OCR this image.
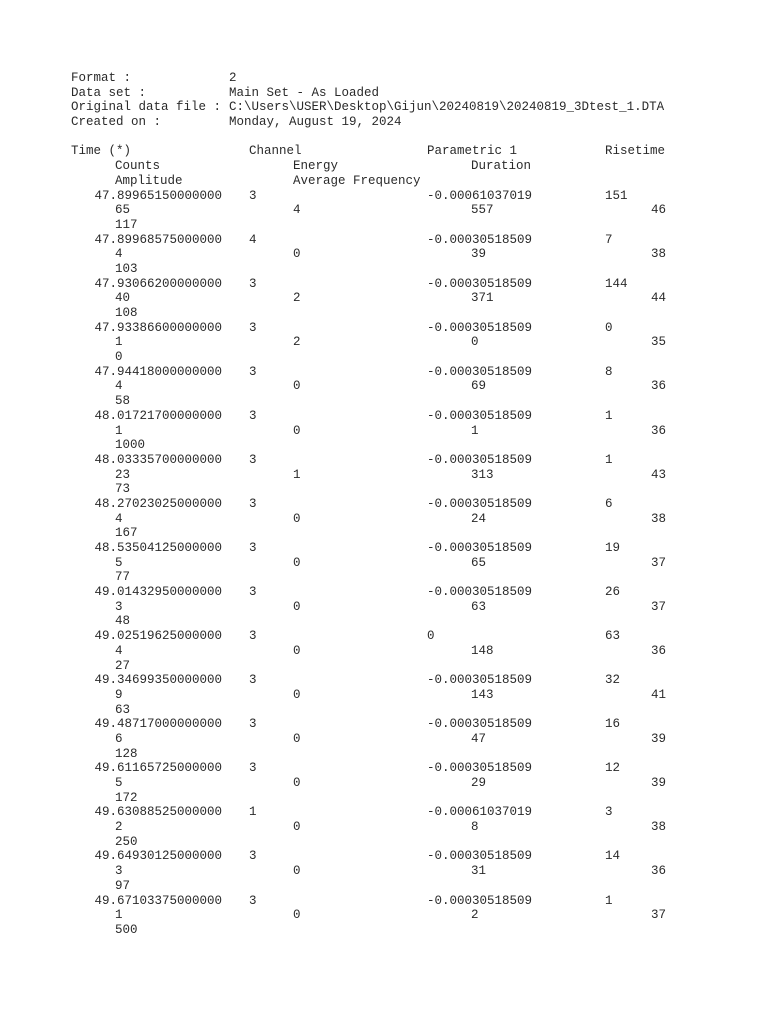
Format :

	2

Data set :

	Main Set - As Loaded

Original data file :

C:\Users\USER\Desktop\Gijun\20240819\20240819_3Dtest_1.DTA

Created on :

	Monday, August 19, 2024

Time (*)

	Channel

	Parametric 1

	Risetime

Counts

	Energy

	Duration

Amplitude

	Average Frequency

47.89965150000000 3	-0.00061037019	151
65	4	557	46
117
47.89968575000000 4	-0.00030518509	7
4	0	39	38
103
47.93066200000000 3	-0.00030518509	144
40	2	371	44
108
47.93386600000000 3	-0.00030518509	0
1	2	0	35
0
47.94418000000000 3	-0.00030518509	8
4	0	69	36
58
48.01721700000000 3	-0.00030518509	1
1	0	1	36
1000
48.03335700000000 3	-0.00030518509	1
23	1	313	43
73
48.27023025000000 3	-0.00030518509	6
4	0	24	38
167
48.53504125000000 3	-0.00030518509	19
5	0	65	37
77
49.01432950000000 3	-0.00030518509	26
3	0	63	37
48
49.02519625000000 3	0	63
4	0	148	36
27
49.34699350000000 3	-0.00030518509	32
9	0	143	41
63
49.48717000000000 3	-0.00030518509	16
6	0	47	39
128
49.61165725000000 3	-0.00030518509	12
5	0	29	39
172
49.63088525000000 1	-0.00061037019	3
2	0	8	38
250
49.64930125000000 3	-0.00030518509	14
3	0	31	36
97
49.67103375000000 3	-0.00030518509	1
1	0	2	37
500
